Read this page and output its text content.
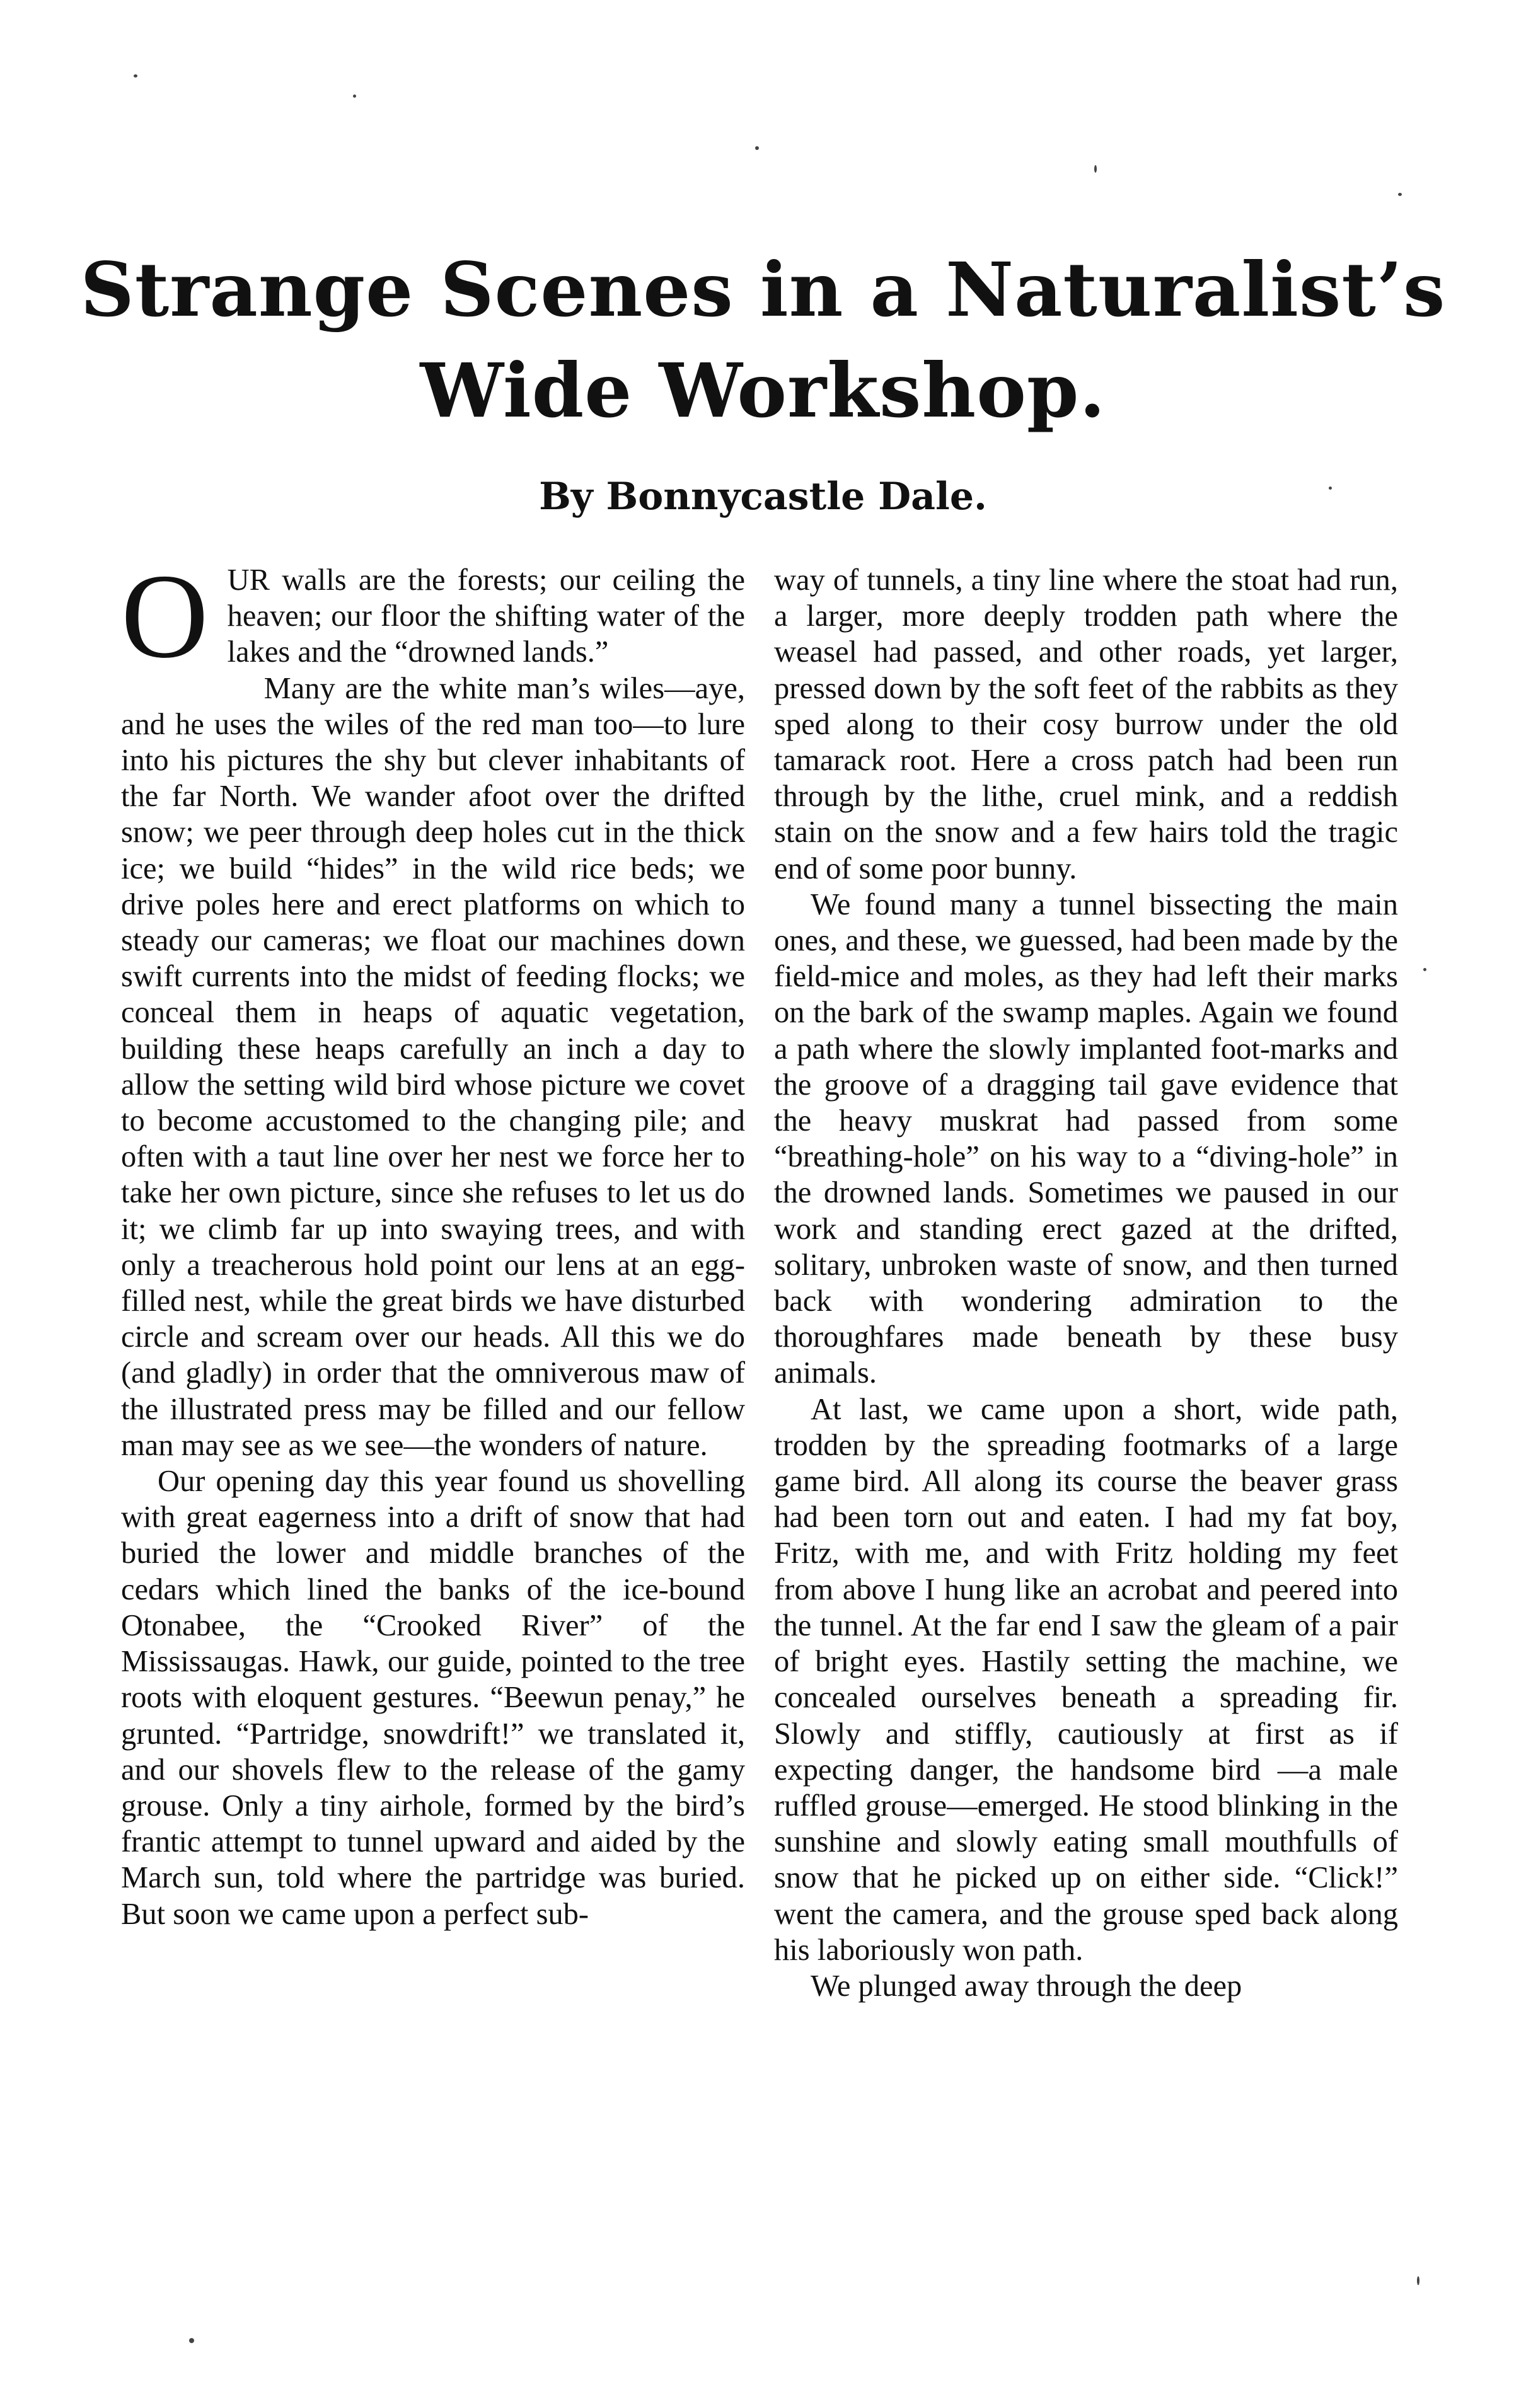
Strange Scenes in a Naturalist’s
Wide Workshop.
By Bonnycastle Dale.

OUR walls are the forests; our ceiling the heaven; our floor the shifting water of the lakes and the “drowned lands.”

Many are the white man’s wiles—aye, and he uses the wiles of the red man too—to lure into his pictures the shy but clever inhabitants of the far North. We wander afoot over the drifted snow; we peer through deep holes cut in the thick ice; we build “hides” in the wild rice beds; we drive poles here and erect platforms on which to steady our cameras; we float our machines down swift currents into the midst of feeding flocks; we conceal them in heaps of aquatic vegetation, building these heaps carefully an inch a day to allow the setting wild bird whose picture we covet to become accustomed to the changing pile; and often with a taut line over her nest we force her to take her own picture, since she refuses to let us do it; we climb far up into swaying trees, and with only a treacherous hold point our lens at an egg-filled nest, while the great birds we have disturbed circle and scream over our heads. All this we do (and gladly) in order that the omniverous maw of the illustrated press may be filled and our fellow man may see as we see—the wonders of nature.

Our opening day this year found us shovelling with great eagerness into a drift of snow that had buried the lower and middle branches of the cedars which lined the banks of the ice-bound Otonabee, the “Crooked River” of the Mississaugas. Hawk, our guide, pointed to the tree roots with eloquent gestures. “Beewun penay,” he grunted. “Partridge, snowdrift!” we translated it, and our shovels flew to the release of the gamy grouse. Only a tiny airhole, formed by the bird’s frantic attempt to tunnel upward and aided by the March sun, told where the partridge was buried. But soon we came upon a perfect sub-

way of tunnels, a tiny line where the stoat had run, a larger, more deeply trodden path where the weasel had passed, and other roads, yet larger, pressed down by the soft feet of the rabbits as they sped along to their cosy burrow under the old tamarack root. Here a cross patch had been run through by the lithe, cruel mink, and a reddish stain on the snow and a few hairs told the tragic end of some poor bunny.

We found many a tunnel bissecting the main ones, and these, we guessed, had been made by the field-mice and moles, as they had left their marks on the bark of the swamp maples. Again we found a path where the slowly implanted foot-marks and the groove of a dragging tail gave evidence that the heavy muskrat had passed from some “breathing-hole” on his way to a “diving-hole” in the drowned lands. Sometimes we paused in our work and standing erect gazed at the drifted, solitary, unbroken waste of snow, and then turned back with wondering admiration to the thoroughfares made beneath by these busy animals.

At last, we came upon a short, wide path, trodden by the spreading footmarks of a large game bird. All along its course the beaver grass had been torn out and eaten. I had my fat boy, Fritz, with me, and with Fritz holding my feet from above I hung like an acrobat and peered into the tunnel. At the far end I saw the gleam of a pair of bright eyes. Hastily setting the machine, we concealed ourselves beneath a spreading fir. Slowly and stiffly, cautiously at first as if expecting danger, the handsome bird —a male ruffled grouse—emerged. He stood blinking in the sunshine and slowly eating small mouthfulls of snow that he picked up on either side. “Click!” went the camera, and the grouse sped back along his laboriously won path.

We plunged away through the deep
